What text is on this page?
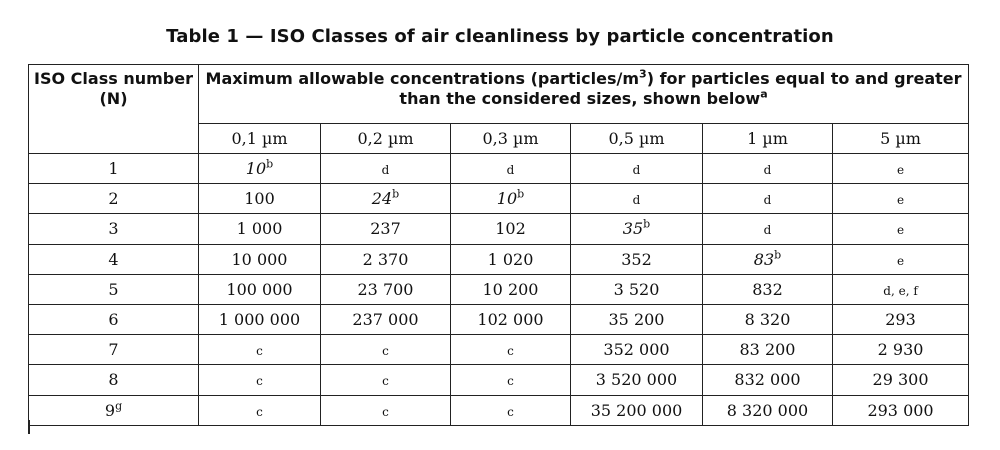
Table 1 — ISO Classes of air cleanliness by particle concentration
ISO Class number
(N)	Maximum allowable concentrations $(particles/m^3)$ for particles equal to and greater than the considered sizes, shown below$^a$
	0,1 µm	0,2 µm	0,3 µm	0,5 µm	1 µm	5 µm
1	10$^b$	d	d	d	d	e
2	100	24$^b$	10$^b$	d	d	e
3	1 000	237	102	35$^b$	d	e
4	10 000	2 370	1 020	352	83$^b$	e
5	100 000	23 700	10 200	3 520	832	d, e, f
6	1 000 000	237 000	102 000	35 200	8 320	293
7	c	c	c	352 000	83 200	2 930
8	c	c	c	3 520 000	832 000	29 300
9$^g$	c	c	c	35 200 000	8 320 000	293 000
